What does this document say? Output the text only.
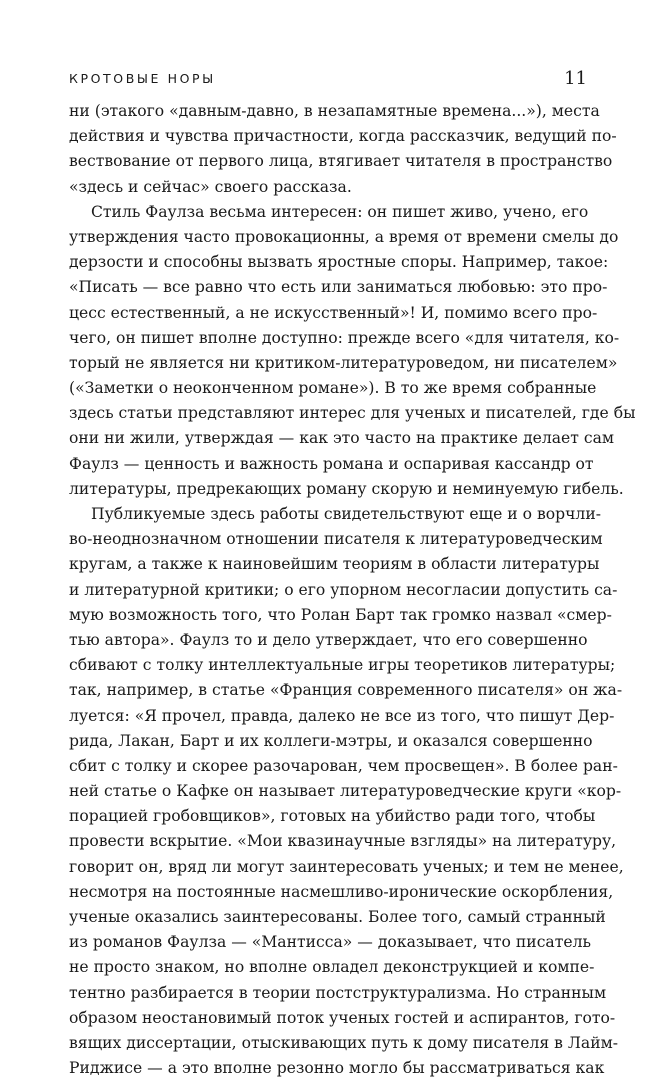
КРОТОВЫЕ НОРЫ	11
ни (этакого «давным-давно, в незапамятные времена...»), места
действия и чувства причастности, когда рассказчик, ведущий по-
вествование от первого лица, втягивает читателя в пространство
«здесь и сейчас» своего рассказа.
Стиль Фаулза весьма интересен: он пишет живо, учено, его
утверждения часто провокационны, а время от времени смелы до
дерзости и способны вызвать яростные споры. Например, такое:
«Писать — все равно что есть или заниматься любовью: это про-
цесс естественный, а не искусственный»! И, помимо всего про-
чего, он пишет вполне доступно: прежде всего «для читателя, ко-
торый не является ни критиком-литературоведом, ни писателем»
(«Заметки о неоконченном романе»). В то же время собранные
здесь статьи представляют интерес для ученых и писателей, где бы
они ни жили, утверждая — как это часто на практике делает сам
Фаулз — ценность и важность романа и оспаривая кассандр от
литературы, предрекающих роману скорую и неминуемую гибель.
Публикуемые здесь работы свидетельствуют еще и о ворчли-
во-неоднозначном отношении писателя к литературоведческим
кругам, а также к наиновейшим теориям в области литературы
и литературной критики; о его упорном несогласии допустить са-
мую возможность того, что Ролан Барт так громко назвал «смер-
тью автора». Фаулз то и дело утверждает, что его совершенно
сбивают с толку интеллектуальные игры теоретиков литературы;
так, например, в статье «Франция современного писателя» он жа-
луется: «Я прочел, правда, далеко не все из того, что пишут Дер-
рида, Лакан, Барт и их коллеги-мэтры, и оказался совершенно
сбит с толку и скорее разочарован, чем просвещен». В более ран-
ней статье о Кафке он называет литературоведческие круги «кор-
порацией гробовщиков», готовых на убийство ради того, чтобы
провести вскрытие. «Мои квазинаучные взгляды» на литературу,
говорит он, вряд ли могут заинтересовать ученых; и тем не менее,
несмотря на постоянные насмешливо-иронические оскорбления,
ученые оказались заинтересованы. Более того, самый странный
из романов Фаулза — «Мантисса» — доказывает, что писатель
не просто знаком, но вполне овладел деконструкцией и компе-
тентно разбирается в теории постструктурализма. Но странным
образом неостановимый поток ученых гостей и аспирантов, гото-
вящих диссертации, отыскивающих путь к дому писателя в Лайм-
Риджисе — а это вполне резонно могло бы рассматриваться как
